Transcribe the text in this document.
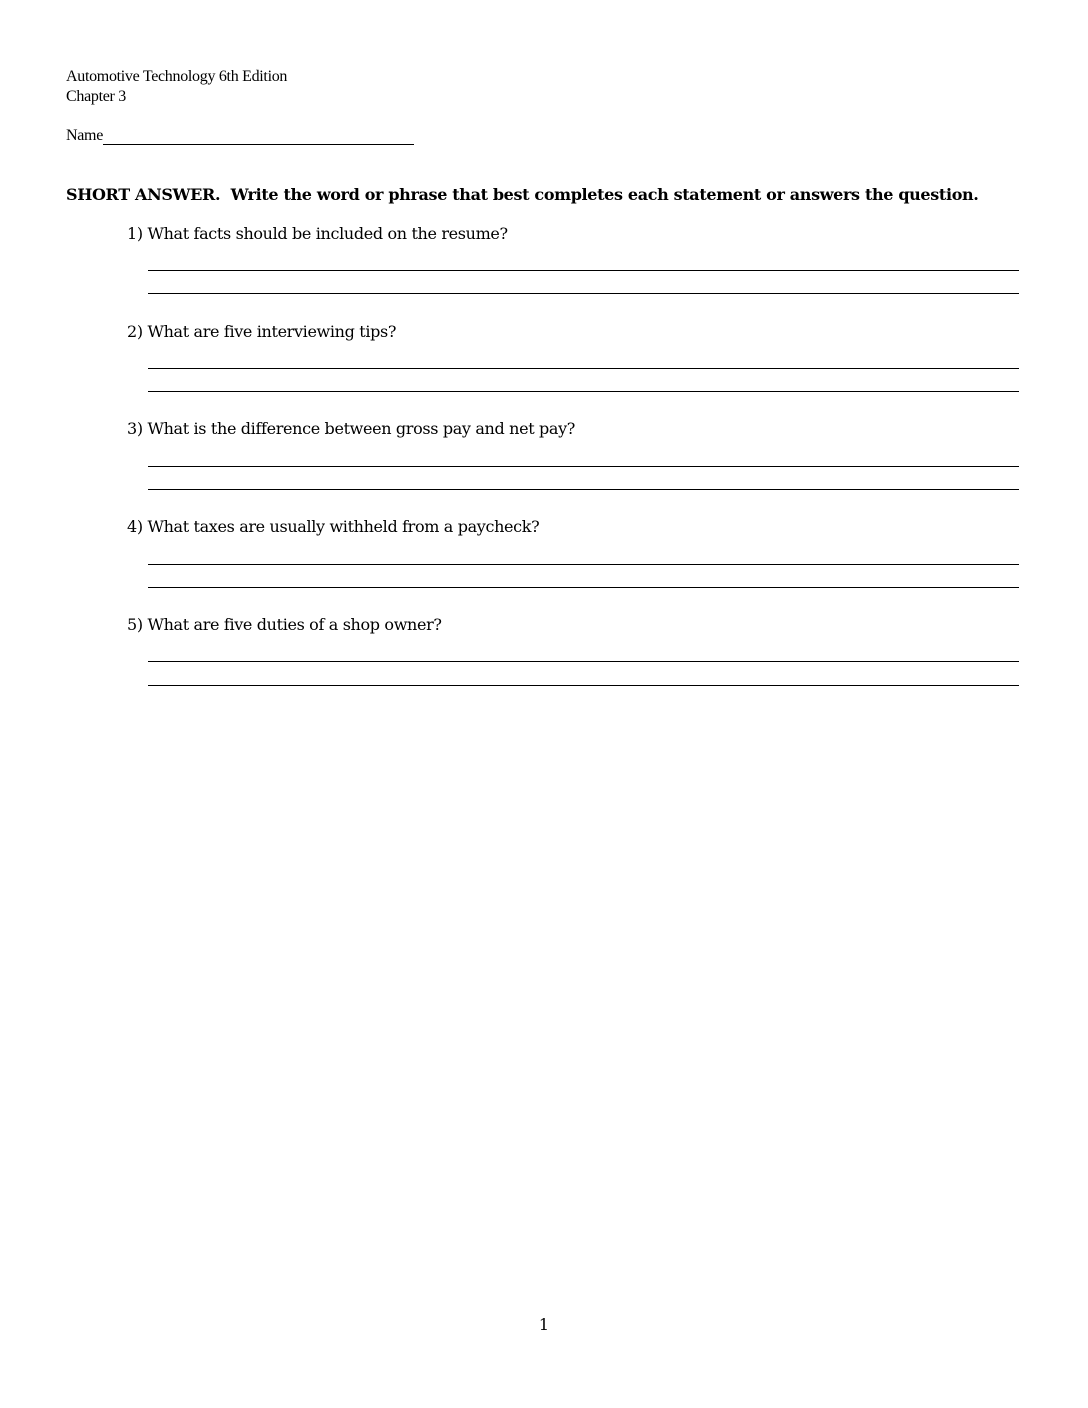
Automotive Technology 6th Edition
Chapter 3
Name
SHORT ANSWER. Write the word or phrase that best completes each statement or answers the question.
1) What facts should be included on the resume?
2) What are five interviewing tips?
3) What is the difference between gross pay and net pay?
4) What taxes are usually withheld from a paycheck?
5) What are five duties of a shop owner?
1
